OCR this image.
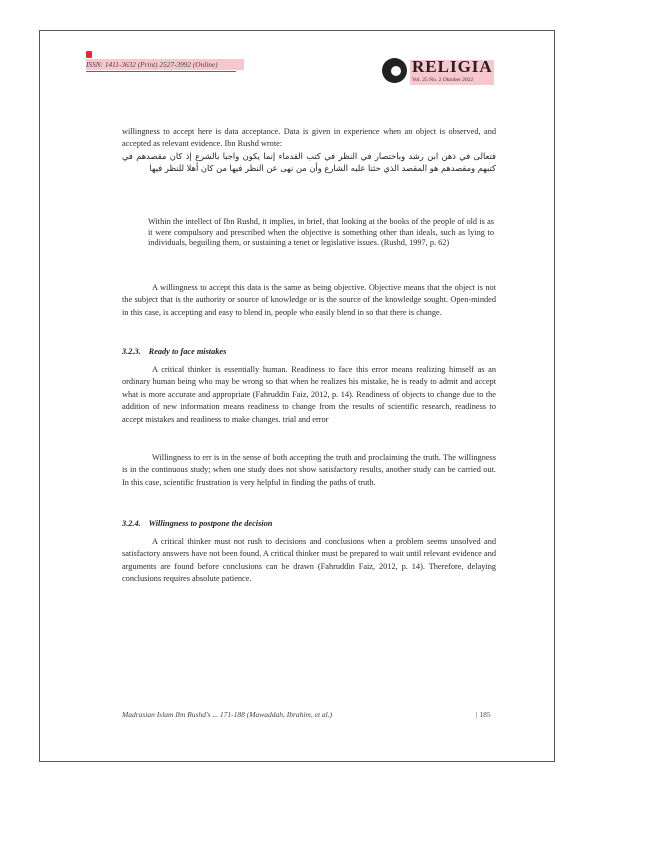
ISSN: 1411-3632 (Print) 2527-3992 (Online)	RELIGIA
Vol. 25 No. 2 Oktober 2022

willingness to accept here is data acceptance. Data is given in experience when an object is observed, and accepted as relevant evidence. Ibn Rushd wrote:

فتعالى في ذهن ابن رشد وباختصار في النظر في كتب القدماء إنما يكون واجبا بالشرع إذ كان مقصدهم في كتبهم ومقصدهم هو المقصد الذي حثنا عليه الشارع وأن من نهى عن النظر فيها من كان أهلا للنظر فيها

Within the intellect of Ibn Rushd, it implies, in brief, that looking at the books of the people of old is as it were compulsory and prescribed when the objective is something other than ideals, such as lying to individuals, beguiling them, or sustaining a tenet or legislative issues. (Rushd, 1997, p. 62)

A willingness to accept this data is the same as being objective. Objective means that the object is not the subject that is the authority or source of knowledge or is the source of the knowledge sought. Open-minded in this case, is accepting and easy to blend in, people who easily blend in so that there is change.

3.2.3. Ready to face mistakes

A critical thinker is essentially human. Readiness to face this error means realizing himself as an ordinary human being who may be wrong so that when he realizes his mistake, he is ready to admit and accept what is more accurate and appropriate (Fahruddin Faiz, 2012, p. 14). Readiness of objects to change due to the addition of new information means readiness to change from the results of scientific research, readiness to accept mistakes and readiness to make changes. trial and error

Willingness to err is in the sense of both accepting the truth and proclaiming the truth. The willingness is in the continuous study; when one study does not show satisfactory results, another study can be carried out. In this case, scientific frustration is very helpful in finding the paths of truth.

3.2.4. Willingness to postpone the decision

A critical thinker must not rush to decisions and conclusions when a problem seems unsolved and satisfactory answers have not been found. A critical thinker must be prepared to wait until relevant evidence and arguments are found before conclusions can be drawn (Fahruddin Faiz, 2012, p. 14). Therefore, delaying conclusions requires absolute patience.

Madrasian Islam Ibn Rushd's ... 171-188 (Mawaddah, Ibrahim, et al.)	| 185
